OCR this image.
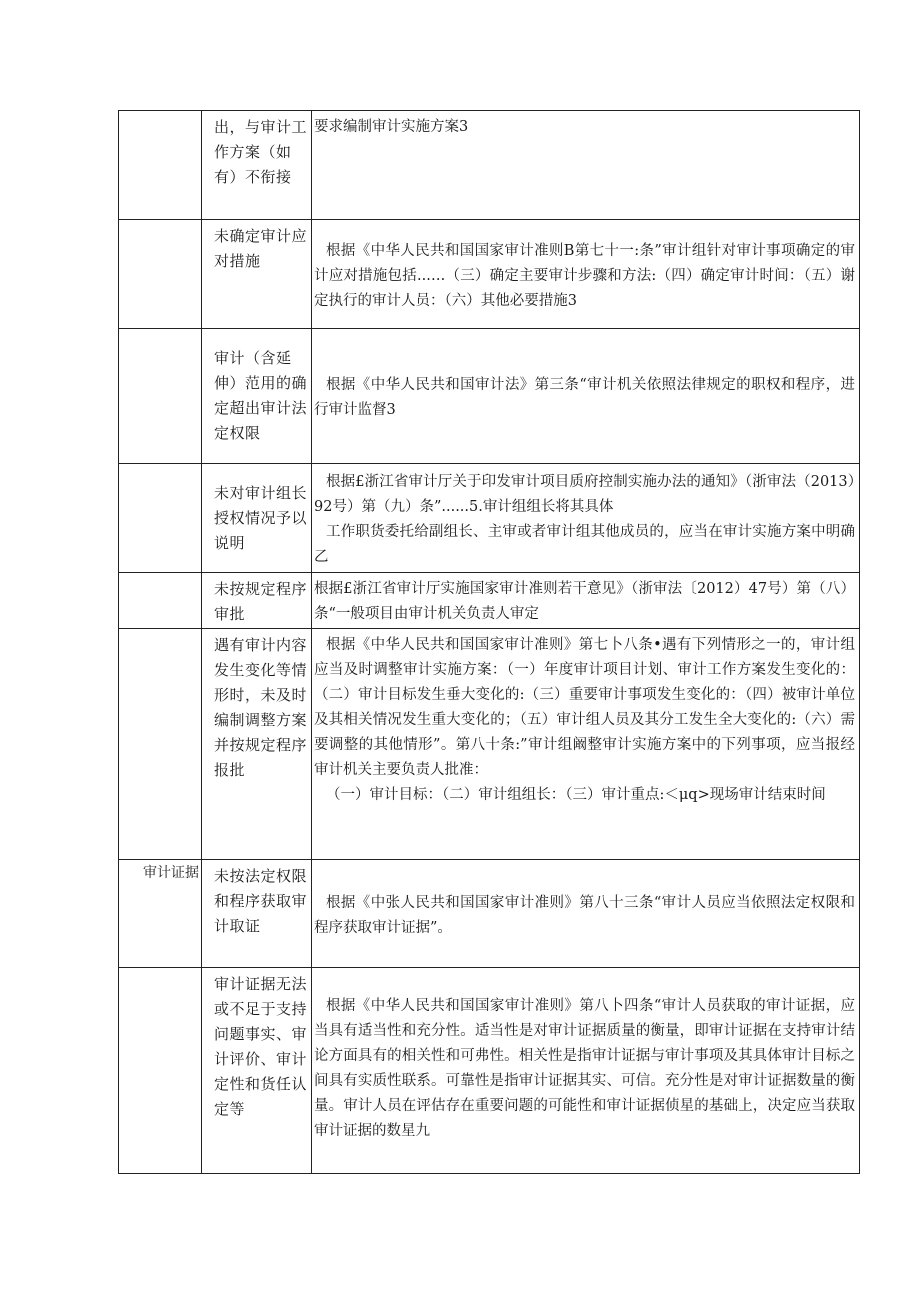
	出，与审计工作方案（如有）不衔接	要求编制审计实施方案3

	未确定审计应对措施	根据《中华人民共和国国家审计准则B第七十一:条”审计组针对审计事项确定的审计应对措施包括..….（三）确定主要审计步骤和方法:（四）确定审计时间：（五）谢定执行的审计人员：（六）其他必要措施3

	审计（含延伸）范用的确定超出审计法定权限	根据《中华人民共和国审计法》第三条“审计机关依照法律规定的职权和程序，进行审计监督3

	未对审计组长授权情况予以说明	根据£浙江省审计厅关于印发审计项目质府控制实施办法的通知》（浙审法（2013）92号）第（九）条”......5.审计组组长将其具体

工作职货委托给副组长、主审或者审计组其他成员的，应当在审计实施方案中明确乙

	未按规定程序审批	根据£浙江省审计厅实施国家审计准则若干意见》（浙审法〔2012）47号）第（八）条“一般项目由审计机关负责人审定

	遇有审计内容发生变化等情形时，未及时编制调整方案并按规定程序报批	根据《中华人民共和国国家审计准则》第七卜八条•遇有下列情形之一的，审计组应当及时调整审计实施方案：（一）年度审计项目计划、审计工作方案发生变化的：（二）审计目标发生垂大变化的:（三）重要审计事项发生变化的：（四）被审计单位及其相关情况发生重大变化的；（五）审计组人员及其分工发生全大变化的:（六）需要调整的其他情形”。第八十条:”审计组阚整审计实施方案中的下列事项，应当报经审计机关主要负责人批准：

（一）审计目标：（二）审计组组长：（三）审计重点:＜μq>现场审计结束时间

审计证据	未按法定权限和程序获取审计取证	根据《中张人民共和国国家审计准则》第八十三条“审计人员应当依照法定权限和程序获取审计证据”。

	审计证据无法或不足于支持问题事实、审计评价、审计定性和货任认定等	根据《中华人民共和国国家审计准则》第八卜四条“审计人员获取的审计证据，应当具有适当性和充分性。适当性是对审计证据质量的衡量，即审计证据在支持审计结论方面具有的相关性和可弗性。相关性是指审计证据与审计事项及其具体审计目标之间具有实质性联系。可靠性是指审计证据其实、可信。充分性是对审计证据数量的衡量。审计人员在评估存在重要问题的可能性和审计证据侦星的基础上，决定应当获取审计证据的数星九
